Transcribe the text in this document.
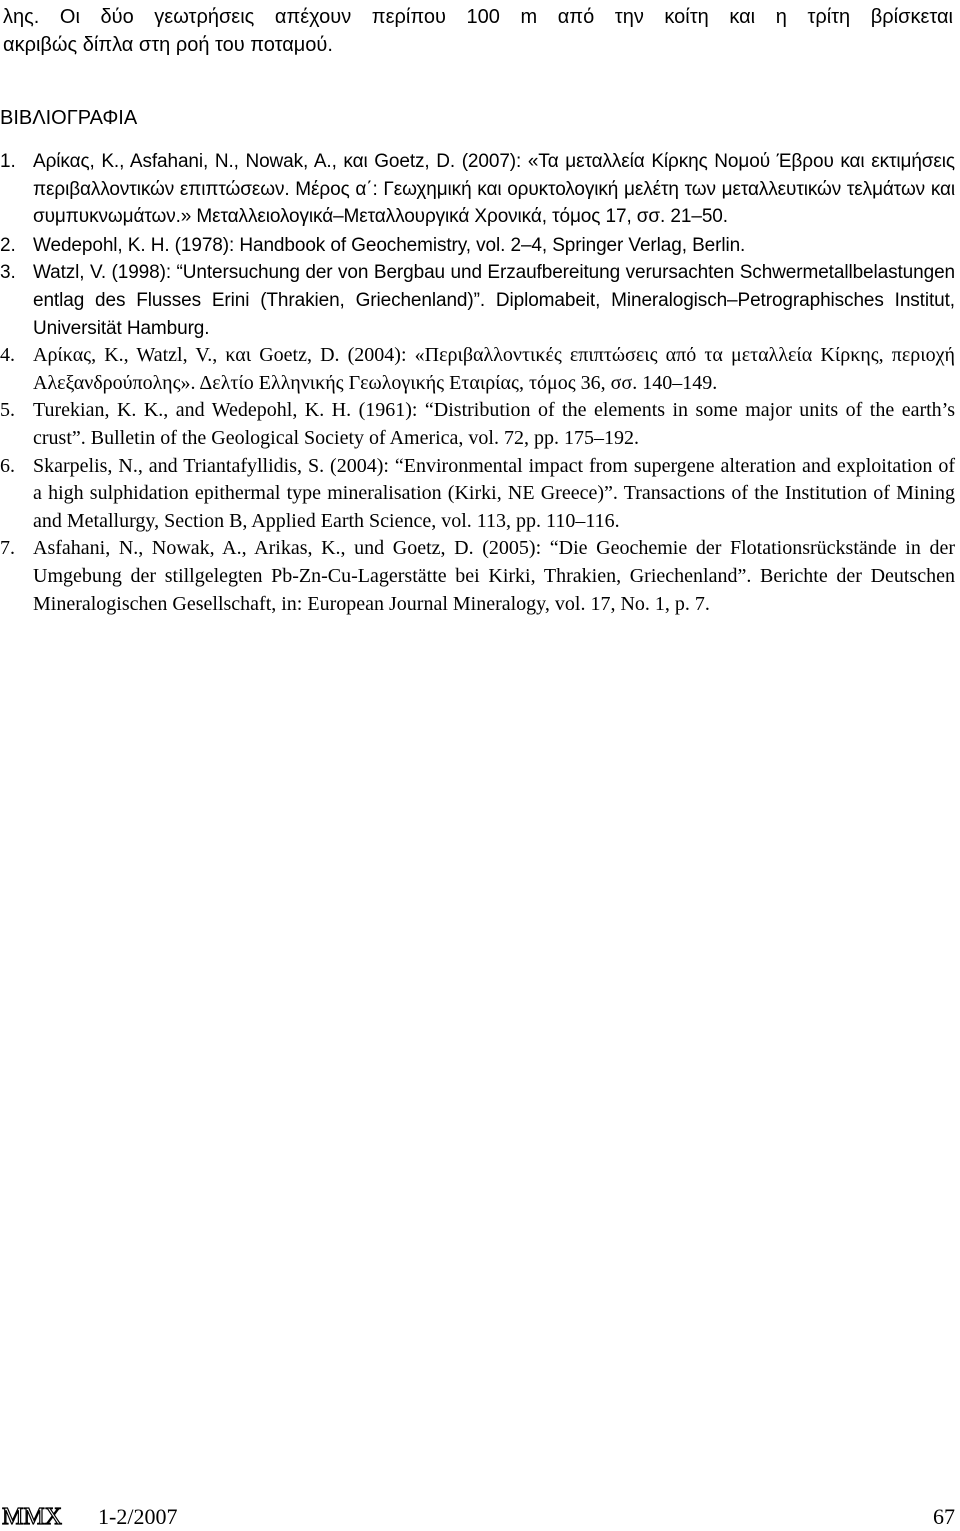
λης. Οι δύο γεωτρήσεις απέχουν περίπου 100 m από την κοίτη και η τρίτη βρίσκεται
ακριβώς δίπλα στη ροή του ποταμού.
ΒΙΒΛΙΟΓΡΑΦΙΑ
1. Αρίκας, K., Asfahani, N., Nowak, A., και Goetz, D. (2007): «Τα μεταλλεία Κίρκης Νομού Έβρου και εκτιμήσεις περιβαλλοντικών επιπτώσεων. Μέρος α΄: Γεωχημική και ορυκτολογική μελέτη των μεταλλευτικών τελμάτων και συμπυκνωμάτων.» Μεταλλειολογικά–Μεταλλουργικά Χρονικά, τόμος 17, σσ. 21–50.
2. Wedepohl, K. H. (1978): Handbook of Geochemistry, vol. 2–4, Springer Verlag, Berlin.
3. Watzl, V. (1998): “Untersuchung der von Bergbau und Erzaufbereitung verursachten Schwermetallbelastungen entlag des Flusses Erini (Thrakien, Griechenland)”. Diplomabeit, Mineralogisch–Petrographisches Institut, Universität Hamburg.
4. Αρίκας, K., Watzl, V., και Goetz, D. (2004): «Περιβαλλοντικές επιπτώσεις από τα μεταλλεία Κίρκης, περιοχή Αλεξανδρούπολης». Δελτίο Ελληνικής Γεωλογικής Εταιρίας, τόμος 36, σσ. 140–149.
5. Turekian, K. K., and Wedepohl, K. H. (1961): “Distribution of the elements in some major units of the earth’s crust”. Bulletin of the Geological Society of America, vol. 72, pp. 175–192.
6. Skarpelis, N., and Triantafyllidis, S. (2004): “Environmental impact from supergene alteration and exploitation of a high sulphidation epithermal type mineralisation (Kirki, NE Greece)”. Transactions of the Institution of Mining and Metallurgy, Section B, Applied Earth Science, vol. 113, pp. 110–116.
7. Asfahani, N., Nowak, A., Arikas, K., und Goetz, D. (2005): “Die Geochemie der Flotationsrückstände in der Umgebung der stillgelegten Pb-Zn-Cu-Lagerstätte bei Kirki, Thrakien, Griechenland”. Berichte der Deutschen Mineralogischen Gesellschaft, in: European Journal Mineralogy, vol. 17, No. 1, p. 7.
MMX 1-2/2007	67
